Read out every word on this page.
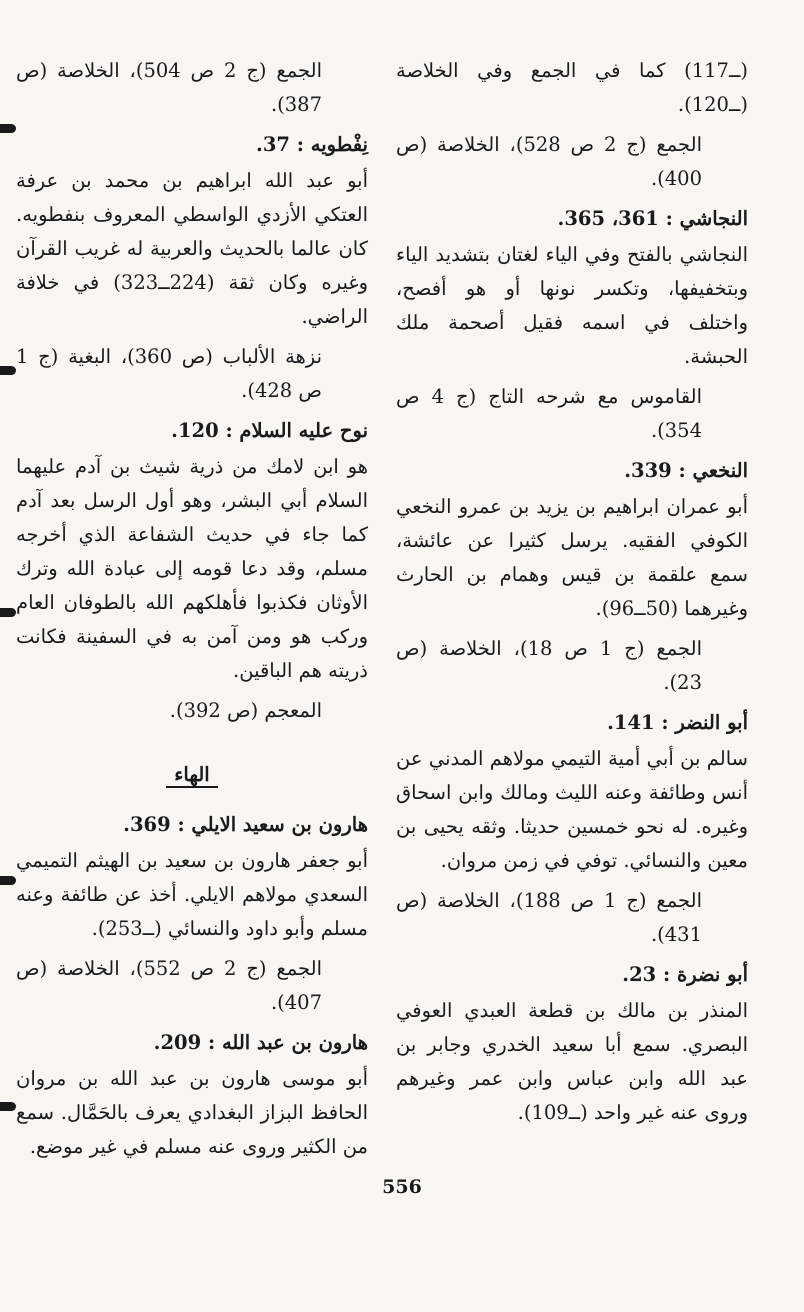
(ــ117) كما في الجمع وفي الخلاصة (ــ120).

الجمع (ج 2 ص 528)، الخلاصة (ص 400).

النجاشي : 361، 365.

النجاشي بالفتح وفي الياء لغتان بتشديد الياء وبتخفيفها، وتكسر نونها أو هو أفصح، واختلف في اسمه فقيل أصحمة ملك الحبشة.

القاموس مع شرحه التاج (ج 4 ص 354).

النخعي : 339.

أبو عمران ابراهيم بن يزيد بن عمرو النخعي الكوفي الفقيه. يرسل كثيرا عن عائشة، سمع علقمة بن قيس وهمام بن الحارث وغيرهما (50ــ96).

الجمع (ج 1 ص 18)، الخلاصة (ص 23).

أبو النضر : 141.

سالم بن أبي أمية التيمي مولاهم المدني عن أنس وطائفة وعنه الليث ومالك وابن اسحاق وغيره. له نحو خمسين حديثا. وثقه يحيى بن معين والنسائي. توفي في زمن مروان.

الجمع (ج 1 ص 188)، الخلاصة (ص 431).

أبو نضرة : 23.

المنذر بن مالك بن قطعة العبدي العوفي البصري. سمع أبا سعيد الخدري وجابر بن عبد الله وابن عباس وابن عمر وغيرهم وروى عنه غير واحد (ــ109).

الجمع (ج 2 ص 504)، الخلاصة (ص 387).

نِفْطويه : 37.

أبو عبد الله ابراهيم بن محمد بن عرفة العتكي الأزدي الواسطي المعروف بنفطويه. كان عالما بالحديث والعربية له غريب القرآن وغيره وكان ثقة (224ــ323) في خلافة الراضي.

نزهة الألباب (ص 360)، البغية (ج 1 ص 428).

نوح عليه السلام : 120.

هو ابن لامك من ذرية شيث بن آدم عليهما السلام أبي البشر، وهو أول الرسل بعد آدم كما جاء في حديث الشفاعة الذي أخرجه مسلم، وقد دعا قومه إلى عبادة الله وترك الأوثان فكذبوا فأهلكهم الله بالطوفان العام وركب هو ومن آمن به في السفينة فكانت ذريته هم الباقين.

المعجم (ص 392).

الهاء

هارون بن سعيد الايلي : 369.

أبو جعفر هارون بن سعيد بن الهيثم التميمي السعدي مولاهم الايلي. أخذ عن طائفة وعنه مسلم وأبو داود والنسائي (ــ253).

الجمع (ج 2 ص 552)، الخلاصة (ص 407).

هارون بن عبد الله : 209.

أبو موسى هارون بن عبد الله بن مروان الحافظ البزاز البغدادي يعرف بالحَمَّال. سمع من الكثير وروى عنه مسلم في غير موضع.

556
